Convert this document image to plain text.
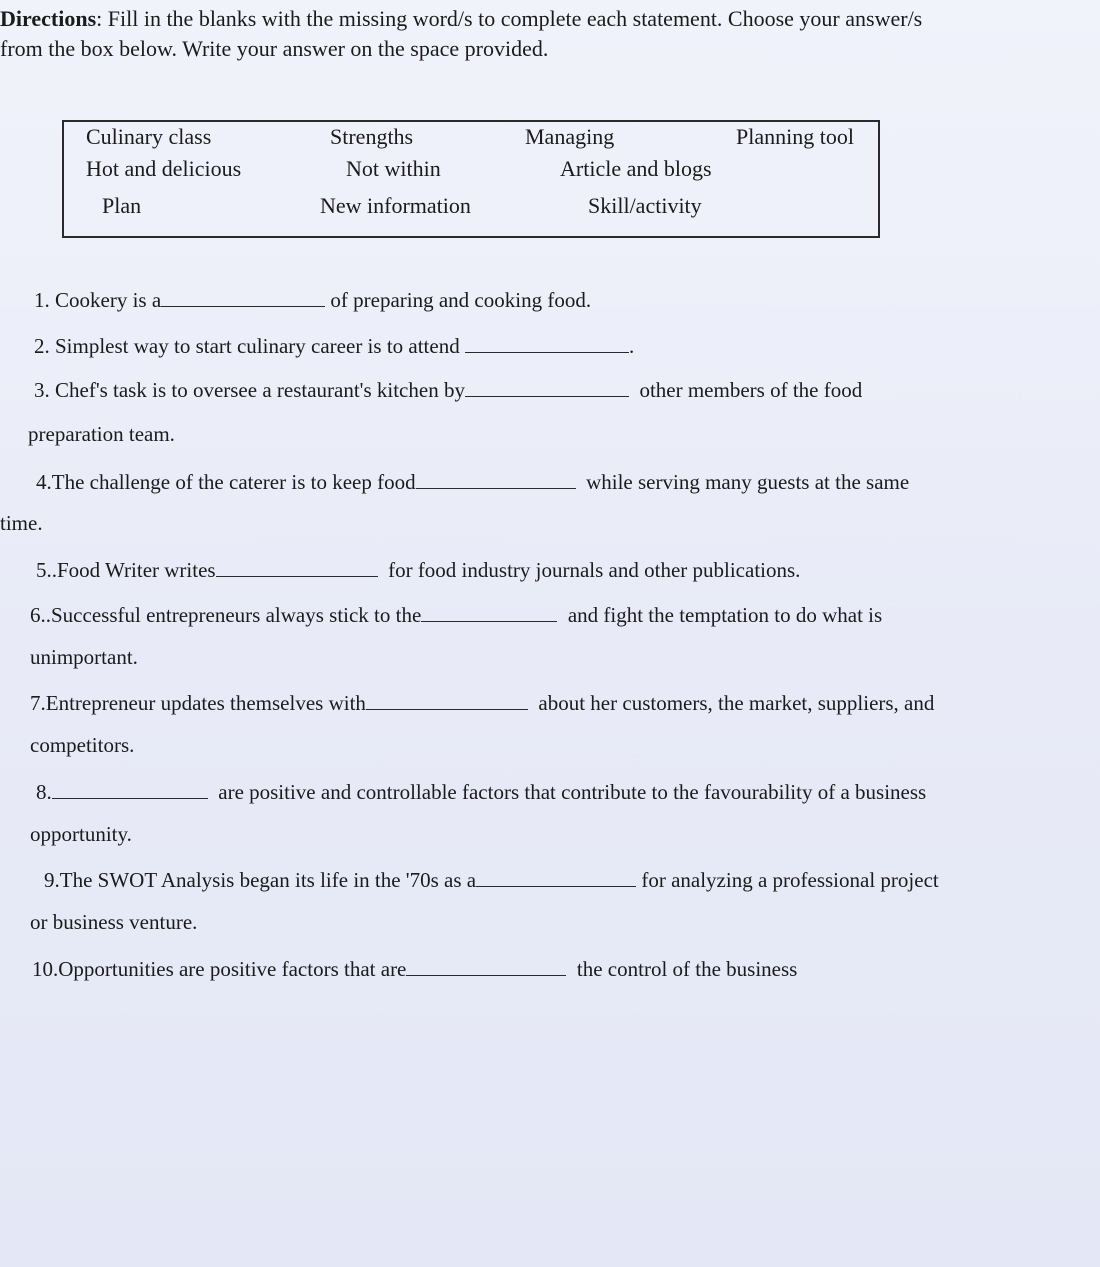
Directions: Fill in the blanks with the missing word/s to complete each statement. Choose your answer/s
from the box below. Write your answer on the space provided.
Culinary class	Strengths	Managing	Planning tool
Hot and delicious	Not within	Article and blogs
Plan	New information	Skill/activity
1. Cookery is a	of preparing and cooking food.
2. Simplest way to start culinary career is to attend	.
3. Chef's task is to oversee a restaurant's kitchen by	other members of the food
preparation team.
4.The challenge of the caterer is to keep food	while serving many guests at the same
time.
5..Food Writer writes	for food industry journals and other publications.
6..Successful entrepreneurs always stick to the	and fight the temptation to do what is
unimportant.
7.Entrepreneur updates themselves with	about her customers, the market, suppliers, and
competitors.
8.	are positive and controllable factors that contribute to the favourability of a business
opportunity.
9.The SWOT Analysis began its life in the '70s as a	for analyzing a professional project
or business venture.
10.Opportunities are positive factors that are	the control of the business
